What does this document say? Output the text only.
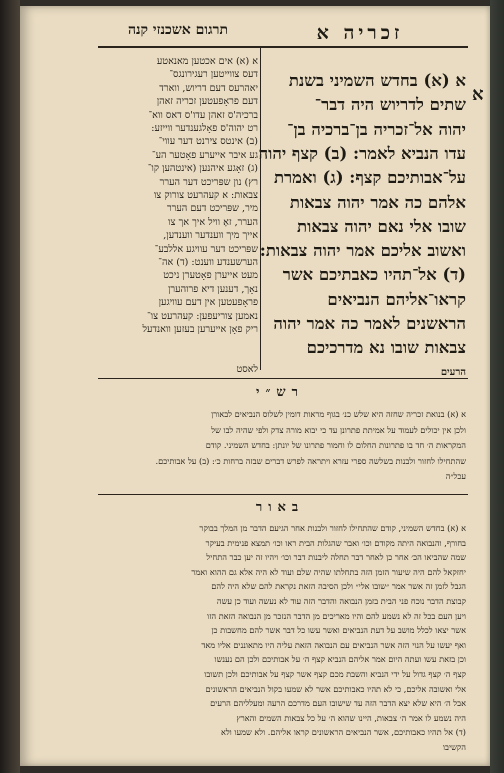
זכריה א
תרגום אשכנזי קנה
א
א (א) בחדש השמיני בשנת
שתים לדריוש היה דבר־
יהוה אל־זכריה בן־ברכיה בן־
עדו הנביא לאמר: (ב) קצף יהוה
על־אבותיכם קצף: (ג) ואמרת
אלהם כה אמר יהוה צבאות
שובו אלי נאם יהוה צבאות
ואשוב אליכם אמר יהוה צבאות:
(ד) אל־תהיו כאבתיכם אשר
קראו־אליהם הנביאים
הראשנים לאמר כה אמר יהוה
צבאות שובו נא מדרכיכם
הרעים
א (א) אים אכטען מאנאטע
דעס צווייטען רעגירונגס־
יאהרעס דעם דריוש, ווארד
דעם פראָפעטען זכריה זאהן
ברכיה'ס זאהן עדו'ס דאס ווא־
רט יהוה'ס פאָלגענדער ווייזע:
(ב) אינטס צירנט דער עווי־
גע איבר אייערע פאָטער הע־
(ג) זאָגע איהנען (אינטהען קו־
רץ) נון שפּריכט דער הערר
צבאות: א קעהרעט צורוק צו
מיר, שפּריכט דעם הערר
הערר, זאָ וויל איך אך צו
אייך מיך ווענדער ווענדען,
שפּריכט דער עוויגע אללבע־
הערשענדע ווענט: (ד) אה־
מעט אייערן פאָטערן ניכט
נאָך, דענען דיא פרוהערן
פראָפעטען אין דעם עוויגען
נאמען צוריעפען: קעהרעט צו־
ריק פאָן אייערען בעזען וואנדעל
לאסט
רש״י
א (א) בנואת זכריה שחזה היא שלש כנ׳ בגוף מראות דומין לשלוס הנביאים לבאורן
ולכן אין יכולים לעמוד על אמיתת פתרונן עד כי יבוא מורה צדק ולפי שהיה לבו של
המקראות ה׳ חד בו פתרונות החלום לו וחמור פתרונו של יונתן: בחדש השמיני. קודם
שהתחילו לחזור ולבנות בשלשה ספרי עזרא ויתראה לפרש דברים שבזה ברחות כ׳: (ב) על אבותיכם.
עכל״ה
באור
א (א) בחדש השמיני, קודם שהתחילו לחזור ולבנות אחר הגיעם הדבר מן המלך בבוקר
בחורף, והנבואה היתה מקודם וכו׳ ואבר שהגלות הבית ראו וכו׳ תמצא פנימית בעיקר
שמה שהביאו הכ׳ אחר כן לאחר דבר תחלה ליבנות דבר וכו׳ ויהיו זה יען כבר התחיל
יחזקאל להם היה שיעור הזמן הזה בתחלתו שהיה שלם ועוד לא היה אלא גם ההוא ואמר
הגבל לזמן זה אשר אמר ״שובו אלי״ ולכן הסיבה הזאת נקראת להם שלא היה להם
קבוצת הדבר נוכח פני הבית בזמן הנבואה והדבר הזה עוד לא נעשה ועוד כן עשה
ויען העם בכל זה לא נשמע להם והיו מאריכים מן הדבר הנזכר מן הנבואה הזאת הזו
אשר יצאו לכלל מושב על דעת הנביאים ואשר עשו כל דבר אשר להם מחשבות כן
ואף יעשו על הנוי הזה אשר הנביאים עם הנבואה הזאת עליה היו מתאוננים אליו מאד
וכן בזאת עשו ועתה היום אמר אליהם הנביא קצף ה׳ על אבותיכם ולכן הם נענשו
קצף ה׳ קצף גדול על ידי הנביא והשבת מכם קצף אשר קצף על אבותיכם ולכן תשובו
אלי ואשובה אליכם, כי לא תהיו כאבותיכם אשר לא שמעו בקול הנביאים הראשונים
אבל ה׳ היא שלא יצא הדבר הזה עד שישובו העם מדרכם הרעה ומעלליהם הרעים
היה נשמע לו אמר ה׳ צבאות, היינו שהוא ה׳ על כל צבאות השמים והארץ
(ד) אל תהיו כאבותיכם, אשר הנביאים הראשונים קראו אליהם. ולא שמעו ולא
הקשיבו
